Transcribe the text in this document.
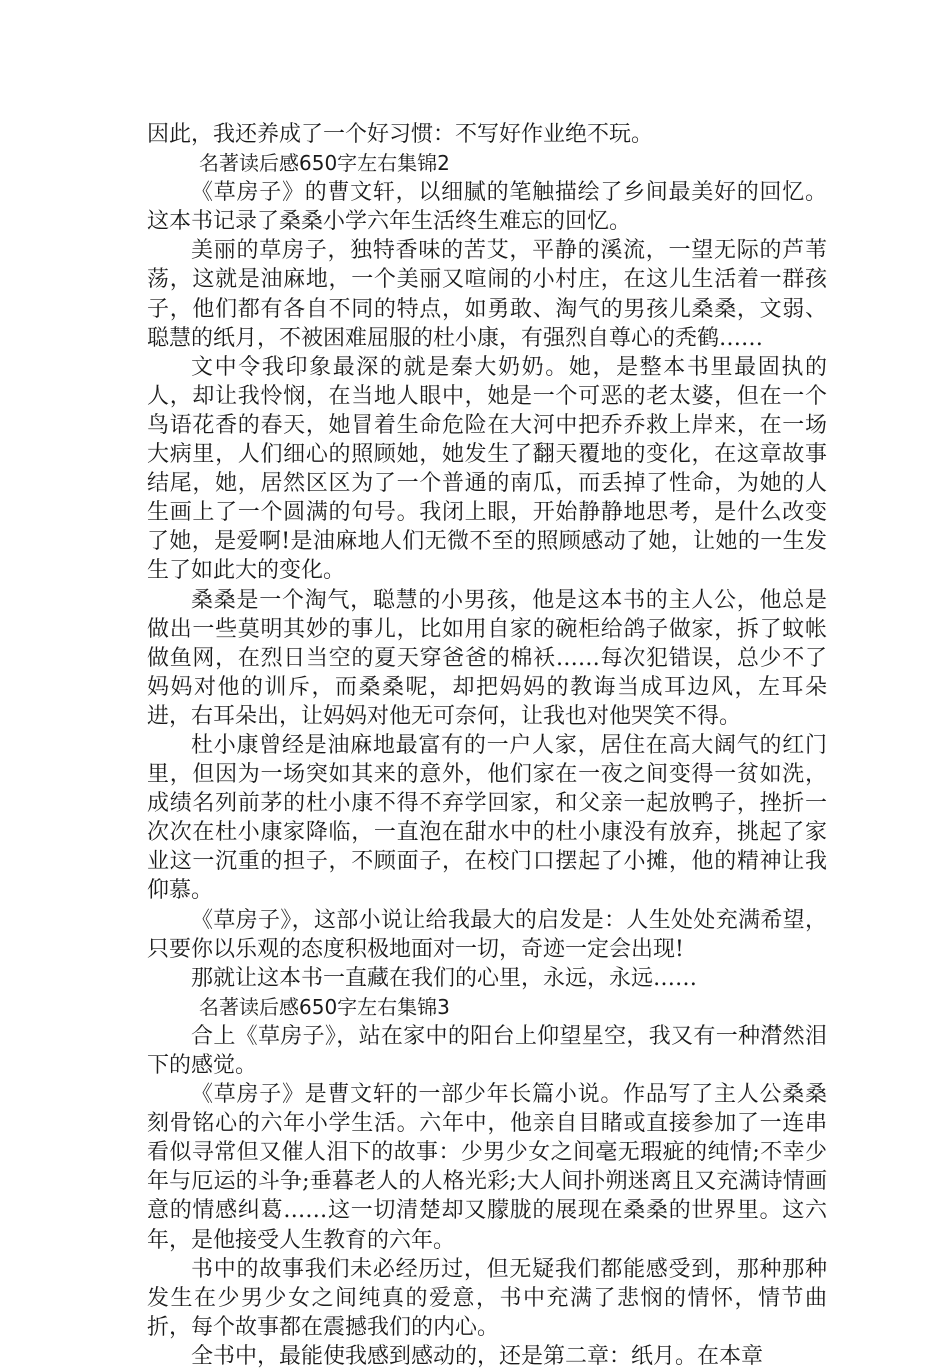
因此，我还养成了一个好习惯：不写好作业绝不玩。

名著读后感650字左右集锦2

《草房子》的曹文轩，以细腻的笔触描绘了乡间最美好的回忆。这本书记录了桑桑小学六年生活终生难忘的回忆。

美丽的草房子，独特香味的苦艾，平静的溪流，一望无际的芦苇荡，这就是油麻地，一个美丽又喧闹的小村庄，在这儿生活着一群孩子，他们都有各自不同的特点，如勇敢、淘气的男孩儿桑桑，文弱、聪慧的纸月，不被困难屈服的杜小康，有强烈自尊心的秃鹤……

文中令我印象最深的就是秦大奶奶。她，是整本书里最固执的人，却让我怜悯，在当地人眼中，她是一个可恶的老太婆，但在一个鸟语花香的春天，她冒着生命危险在大河中把乔乔救上岸来，在一场大病里，人们细心的照顾她，她发生了翻天覆地的变化，在这章故事结尾，她，居然区区为了一个普通的南瓜，而丢掉了性命，为她的人生画上了一个圆满的句号。我闭上眼，开始静静地思考，是什么改变了她，是爱啊!是油麻地人们无微不至的照顾感动了她，让她的一生发生了如此大的变化。

桑桑是一个淘气，聪慧的小男孩，他是这本书的主人公，他总是做出一些莫明其妙的事儿，比如用自家的碗柜给鸽子做家，拆了蚊帐做鱼网，在烈日当空的夏天穿爸爸的棉袄……每次犯错误，总少不了妈妈对他的训斥，而桑桑呢，却把妈妈的教诲当成耳边风，左耳朵进，右耳朵出，让妈妈对他无可奈何，让我也对他哭笑不得。

杜小康曾经是油麻地最富有的一户人家，居住在高大阔气的红门里，但因为一场突如其来的意外，他们家在一夜之间变得一贫如洗，成绩名列前茅的杜小康不得不弃学回家，和父亲一起放鸭子，挫折一次次在杜小康家降临，一直泡在甜水中的杜小康没有放弃，挑起了家业这一沉重的担子，不顾面子，在校门口摆起了小摊，他的精神让我仰慕。

《草房子》，这部小说让给我最大的启发是：人生处处充满希望，只要你以乐观的态度积极地面对一切，奇迹一定会出现!

那就让这本书一直藏在我们的心里，永远，永远……

名著读后感650字左右集锦3

合上《草房子》，站在家中的阳台上仰望星空，我又有一种潸然泪下的感觉。

《草房子》是曹文轩的一部少年长篇小说。作品写了主人公桑桑刻骨铭心的六年小学生活。六年中，他亲自目睹或直接参加了一连串看似寻常但又催人泪下的故事：少男少女之间毫无瑕疵的纯情;不幸少年与厄运的斗争;垂暮老人的人格光彩;大人间扑朔迷离且又充满诗情画意的情感纠葛……这一切清楚却又朦胧的展现在桑桑的世界里。这六年，是他接受人生教育的六年。

书中的故事我们未必经历过，但无疑我们都能感受到，那种那种发生在少男少女之间纯真的爱意，书中充满了悲悯的情怀，情节曲折，每个故事都在震撼我们的内心。

全书中，最能使我感到感动的，还是第二章：纸月。在本章
